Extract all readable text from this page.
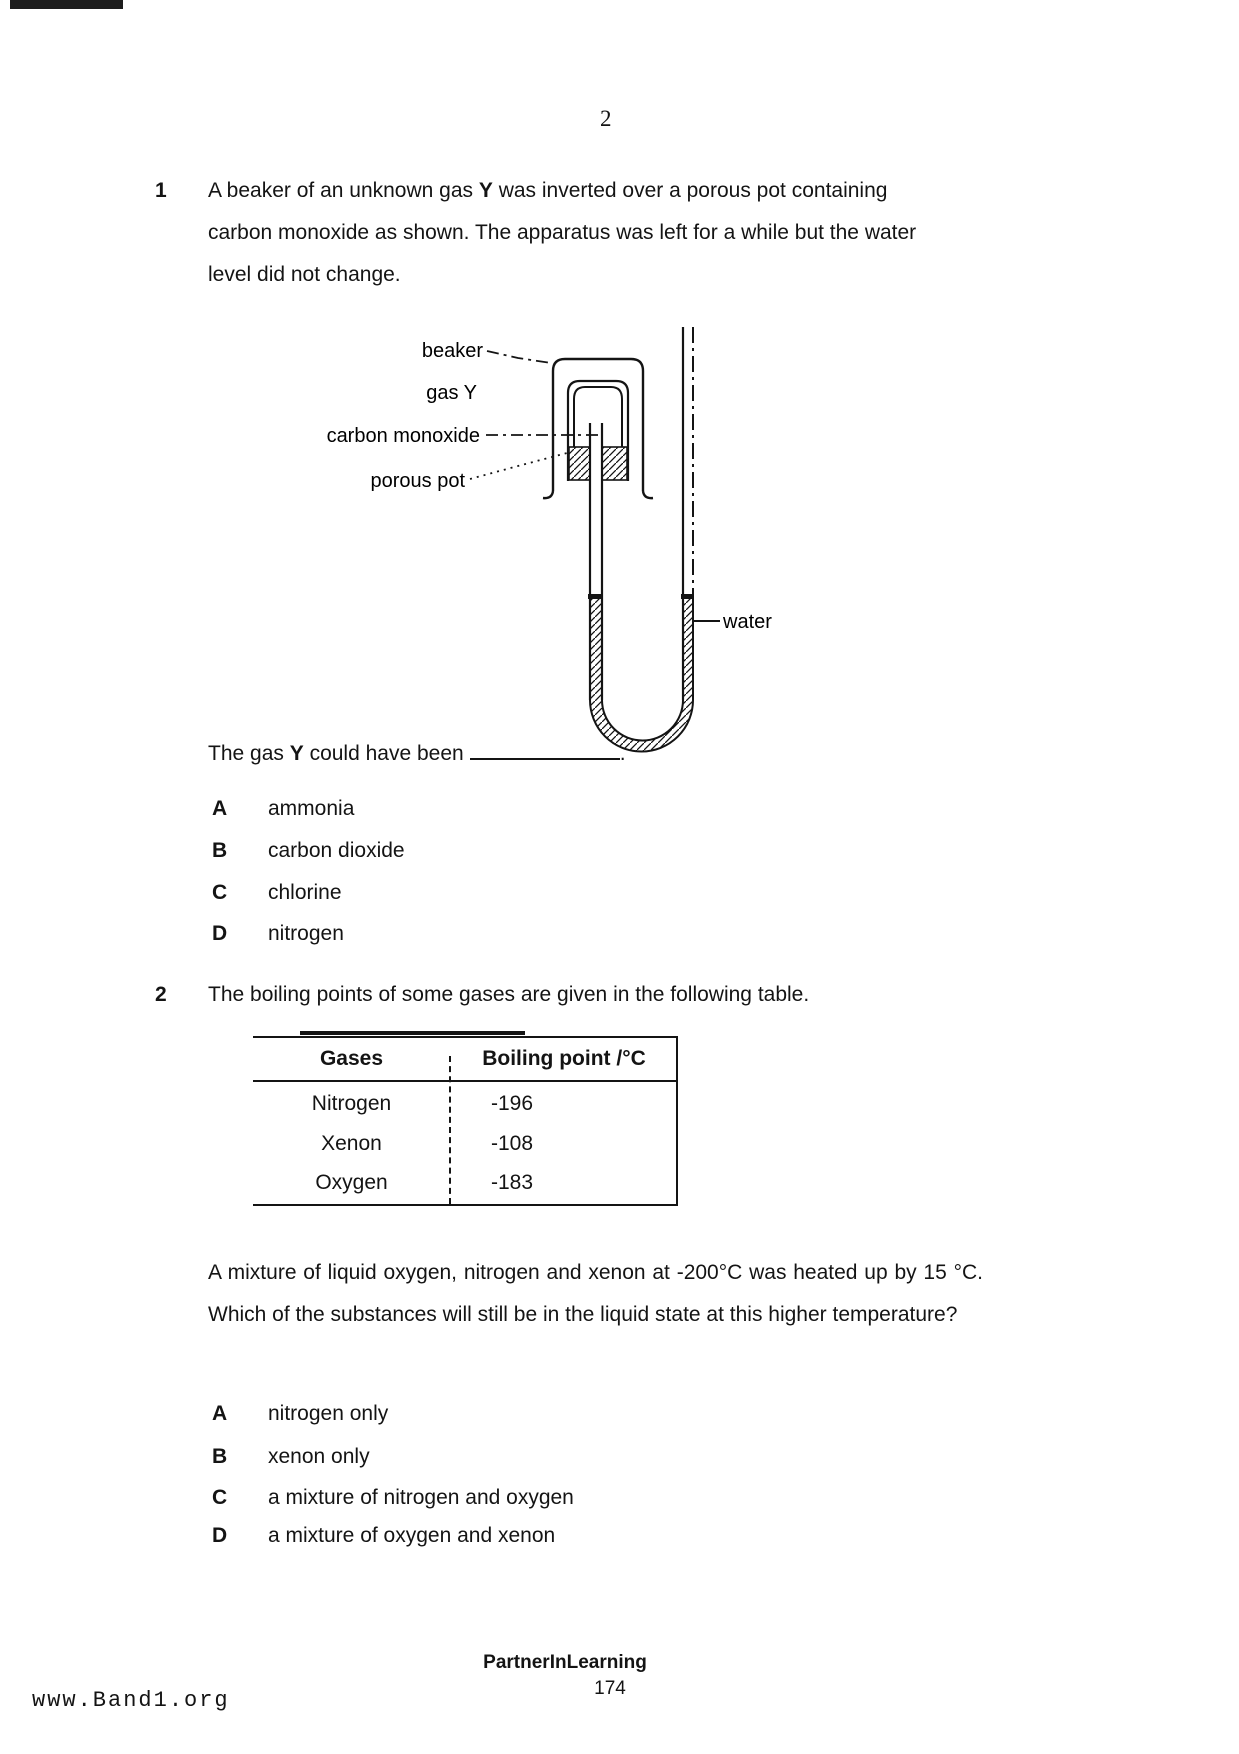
2
1 A beaker of an unknown gas Y was inverted over a porous pot containing carbon monoxide as shown. The apparatus was left for a while but the water level did not change.
beaker
gas Y
carbon monoxide
porous pot
water
The gas Y could have been	.
A ammonia
B carbon dioxide
C chlorine
D nitrogen
2 The boiling points of some gases are given in the following table.
Gases	Boiling point /°C
Nitrogen	-196
Xenon	-108
Oxygen	-183
A mixture of liquid oxygen, nitrogen and xenon at -200°C was heated up by 15 °C. Which of the substances will still be in the liquid state at this higher temperature?
A nitrogen only
B xenon only
C a mixture of nitrogen and oxygen
D a mixture of oxygen and xenon
PartnerInLearning
174
www.Band1.org
